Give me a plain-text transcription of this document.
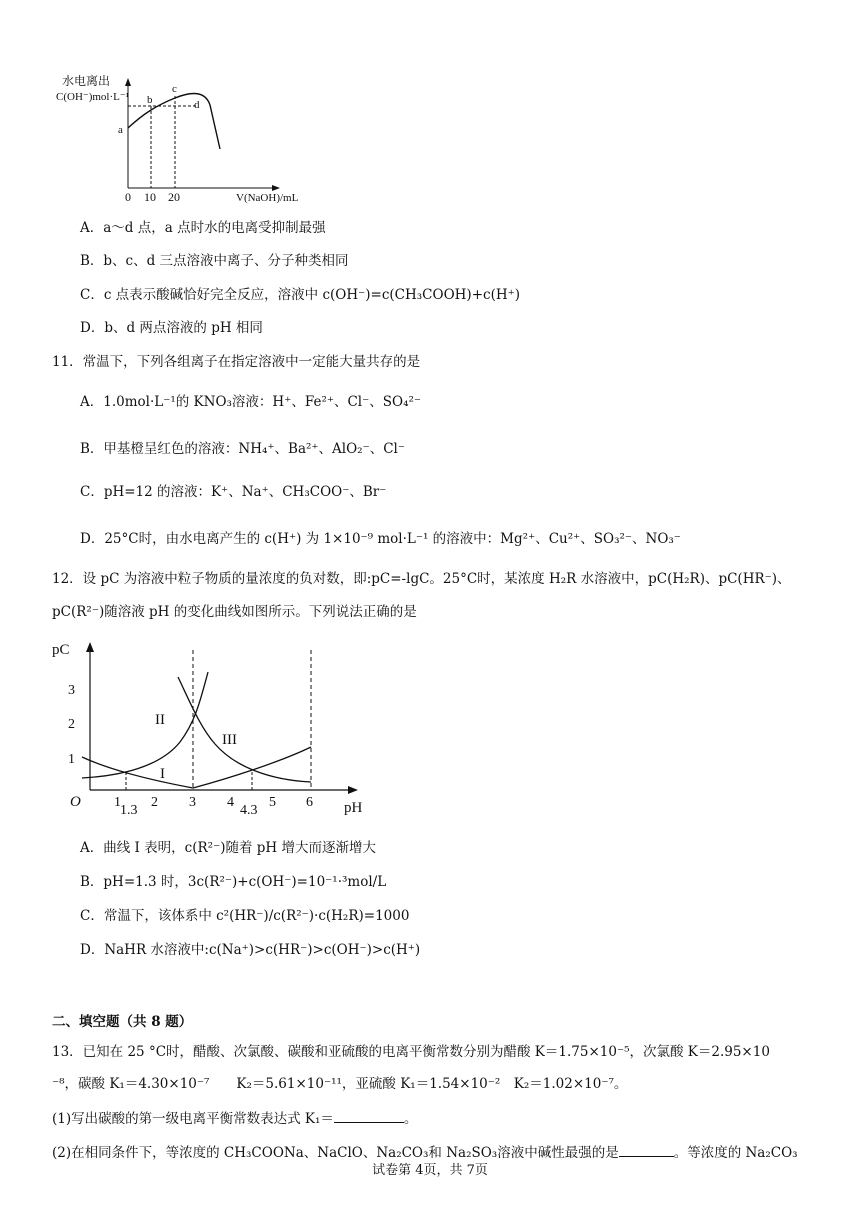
水电离出
C(OH⁻)mol·L⁻¹
a
b
c
d
0 10 20	V(NaOH)/mL
A．a～d 点，a 点时水的电离受抑制最强
B．b、c、d 三点溶液中离子、分子种类相同
C．c 点表示酸碱恰好完全反应，溶液中 c(OH⁻)=c(CH₃COOH)+c(H⁺)
D．b、d 两点溶液的 pH 相同
11．常温下，下列各组离子在指定溶液中一定能大量共存的是
A．1.0mol·L⁻¹的 KNO₃溶液：H⁺、Fe²⁺、Cl⁻、SO₄²⁻
B．甲基橙呈红色的溶液：NH₄⁺、Ba²⁺、AlO₂⁻、Cl⁻
C．pH=12 的溶液：K⁺、Na⁺、CH₃COO⁻、Br⁻
D．25°C时，由水电离产生的 c(H⁺) 为 1×10⁻⁹ mol·L⁻¹ 的溶液中：Mg²⁺、Cu²⁺、SO₃²⁻、NO₃⁻
12．设 pC 为溶液中粒子物质的量浓度的负对数，即:pC=-lgC。25°C时，某浓度 H₂R 水溶液中，pC(H₂R)、pC(HR⁻)、
pC(R²⁻)随溶液 pH 的变化曲线如图所示。下列说法正确的是
pC
3
2
1
O 1
1.3
2 3 4
4.3
5 6 pH
I
II
III
A．曲线 I 表明，c(R²⁻)随着 pH 增大而逐渐增大
B．pH=1.3 时，3c(R²⁻)+c(OH⁻)=10⁻¹·³mol/L
C．常温下，该体系中 c²(HR⁻)/c(R²⁻)·c(H₂R)=1000
D．NaHR 水溶液中:c(Na⁺)>c(HR⁻)>c(OH⁻)>c(H⁺)
二、填空题（共 8 题）
13．已知在 25 °C时，醋酸、次氯酸、碳酸和亚硫酸的电离平衡常数分别为醋酸 K＝1.75×10⁻⁵，次氯酸 K＝2.95×10
⁻⁸，碳酸 K₁＝4.30×10⁻⁷　　K₂＝5.61×10⁻¹¹，亚硫酸 K₁＝1.54×10⁻²　K₂＝1.02×10⁻⁷。
(1)写出碳酸的第一级电离平衡常数表达式 K₁＝	。
(2)在相同条件下，等浓度的 CH₃COONa、NaClO、Na₂CO₃和 Na₂SO₃溶液中碱性最强的是	。等浓度的 Na₂CO₃
试卷第 4页，共 7页
